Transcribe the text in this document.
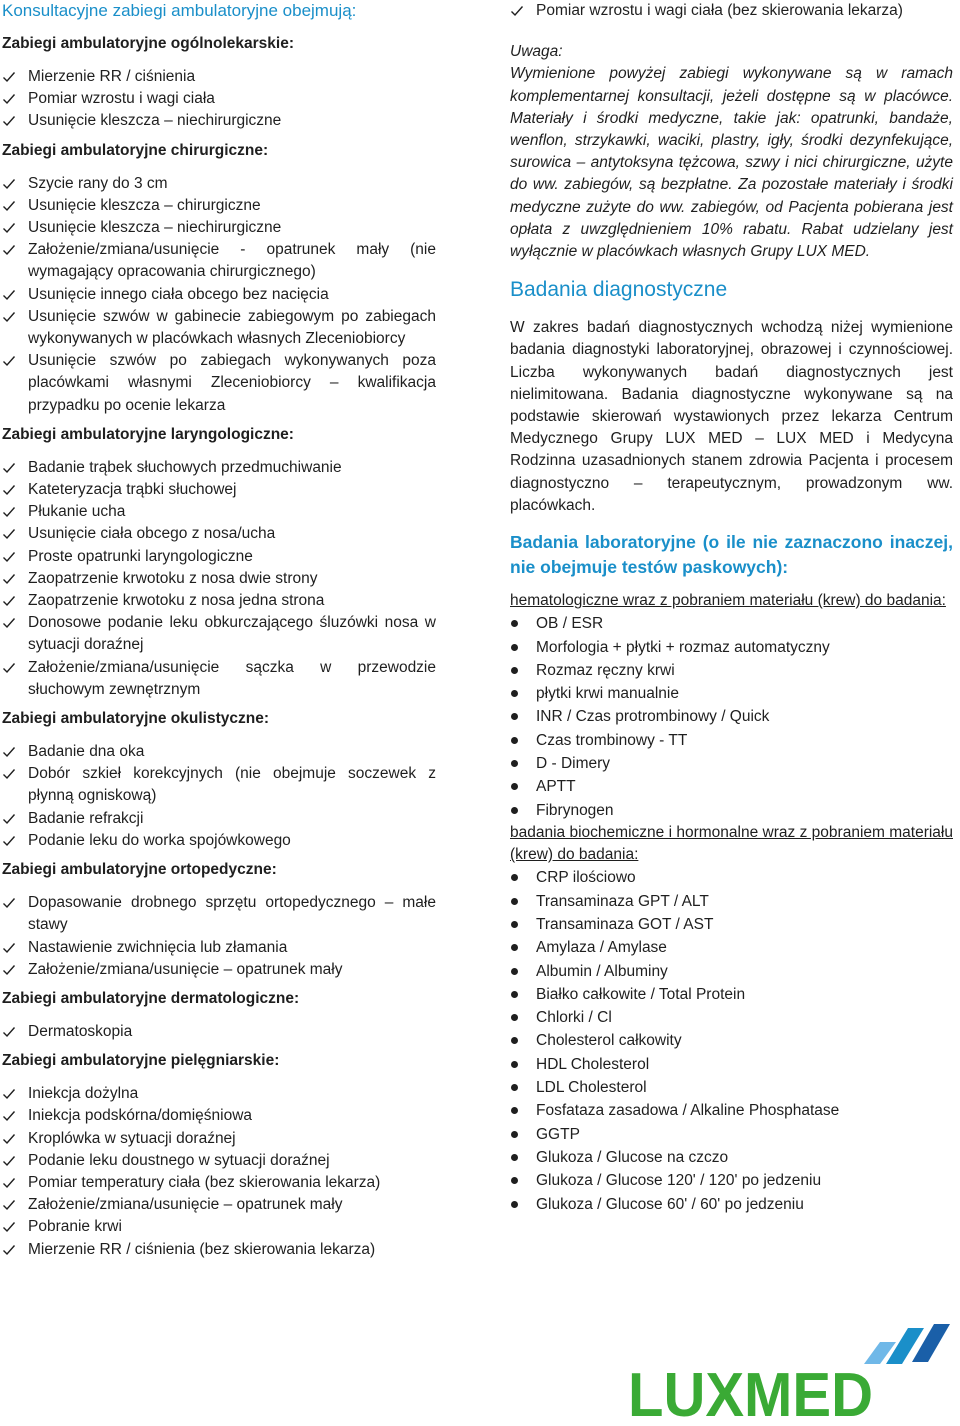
Konsultacyjne zabiegi ambulatoryjne obejmują:
Zabiegi ambulatoryjne ogólnolekarskie:
Mierzenie RR / ciśnienia
Pomiar wzrostu i wagi ciała
Usunięcie kleszcza – niechirurgiczne
Zabiegi ambulatoryjne chirurgiczne:
Szycie rany do 3 cm
Usunięcie kleszcza – chirurgiczne
Usunięcie kleszcza – niechirurgiczne
Założenie/zmiana/usunięcie - opatrunek mały (nie wymagający opracowania chirurgicznego)
Usunięcie innego ciała obcego bez nacięcia
Usunięcie szwów w gabinecie zabiegowym po zabiegach wykonywanych w placówkach własnych Zleceniobiorcy
Usunięcie szwów po zabiegach wykonywanych poza placówkami własnymi Zleceniobiorcy – kwalifikacja przypadku po ocenie lekarza
Zabiegi ambulatoryjne laryngologiczne:
Badanie trąbek słuchowych przedmuchiwanie
Kateteryzacja trąbki słuchowej
Płukanie ucha
Usunięcie ciała obcego z nosa/ucha
Proste opatrunki laryngologiczne
Zaopatrzenie krwotoku z nosa dwie strony
Zaopatrzenie krwotoku z nosa jedna strona
Donosowe podanie leku obkurczającego śluzówki nosa w sytuacji doraźnej
Założenie/zmiana/usunięcie sączka w przewodzie słuchowym zewnętrznym
Zabiegi ambulatoryjne okulistyczne:
Badanie dna oka
Dobór szkieł korekcyjnych (nie obejmuje soczewek z płynną ogniskową)
Badanie refrakcji
Podanie leku do worka spojówkowego
Zabiegi ambulatoryjne ortopedyczne:
Dopasowanie drobnego sprzętu ortopedycznego – małe stawy
Nastawienie zwichnięcia lub złamania
Założenie/zmiana/usunięcie – opatrunek mały
Zabiegi ambulatoryjne dermatologiczne:
Dermatoskopia
Zabiegi ambulatoryjne pielęgniarskie:
Iniekcja dożylna
Iniekcja podskórna/domięśniowa
Kroplówka w sytuacji doraźnej
Podanie leku doustnego w sytuacji doraźnej
Pomiar temperatury ciała (bez skierowania lekarza)
Założenie/zmiana/usunięcie – opatrunek mały
Pobranie krwi
Mierzenie RR / ciśnienia (bez skierowania lekarza)
Pomiar wzrostu i wagi ciała (bez skierowania lekarza)

Uwaga:

Wymienione powyżej zabiegi wykonywane są w ramach komplementarnej konsultacji, jeżeli dostępne są w placówce. Materiały i środki medyczne, takie jak: opatrunki, bandaże, wenflon, strzykawki, waciki, plastry, igły, środki dezynfekujące, surowica – antytoksyna tężcowa, szwy i nici chirurgiczne, użyte do ww. zabiegów, są bezpłatne. Za pozostałe materiały i środki medyczne zużyte do ww. zabiegów, od Pacjenta pobierana jest opłata z uwzględnieniem 10% rabatu. Rabat udzielany jest wyłącznie w placówkach własnych Grupy LUX MED.

Badania diagnostyczne

W zakres badań diagnostycznych wchodzą niżej wymienione badania diagnostyki laboratoryjnej, obrazowej i czynnościowej. Liczba wykonywanych badań diagnostycznych jest nielimitowana. Badania diagnostyczne wykonywane są na podstawie skierowań wystawionych przez lekarza Centrum Medycznego Grupy LUX MED – LUX MED i Medycyna Rodzinna uzasadnionych stanem zdrowia Pacjenta i procesem diagnostyczno – terapeutycznym, prowadzonym ww. placówkach.

Badania laboratoryjne (o ile nie zaznaczono inaczej, nie obejmuje testów paskowych):

hematologiczne wraz z pobraniem materiału (krew) do badania:

OB / ESR
Morfologia + płytki + rozmaz automatyczny
Rozmaz ręczny krwi
płytki krwi manualnie
INR / Czas protrombinowy / Quick
Czas trombinowy - TT
D - Dimery
APTT
Fibrynogen

badania biochemiczne i hormonalne wraz z pobraniem materiału (krew) do badania:

CRP ilościowo
Transaminaza GPT / ALT
Transaminaza GOT / AST
Amylaza / Amylase
Albumin / Albuminy
Białko całkowite / Total Protein
Chlorki / Cl
Cholesterol całkowity
HDL Cholesterol
LDL Cholesterol
Fosfataza zasadowa / Alkaline Phosphatase
GGTP
Glukoza / Glucose na czczo
Glukoza / Glucose 120' / 120' po jedzeniu
Glukoza / Glucose 60' / 60' po jedzeniu
LUXMED
